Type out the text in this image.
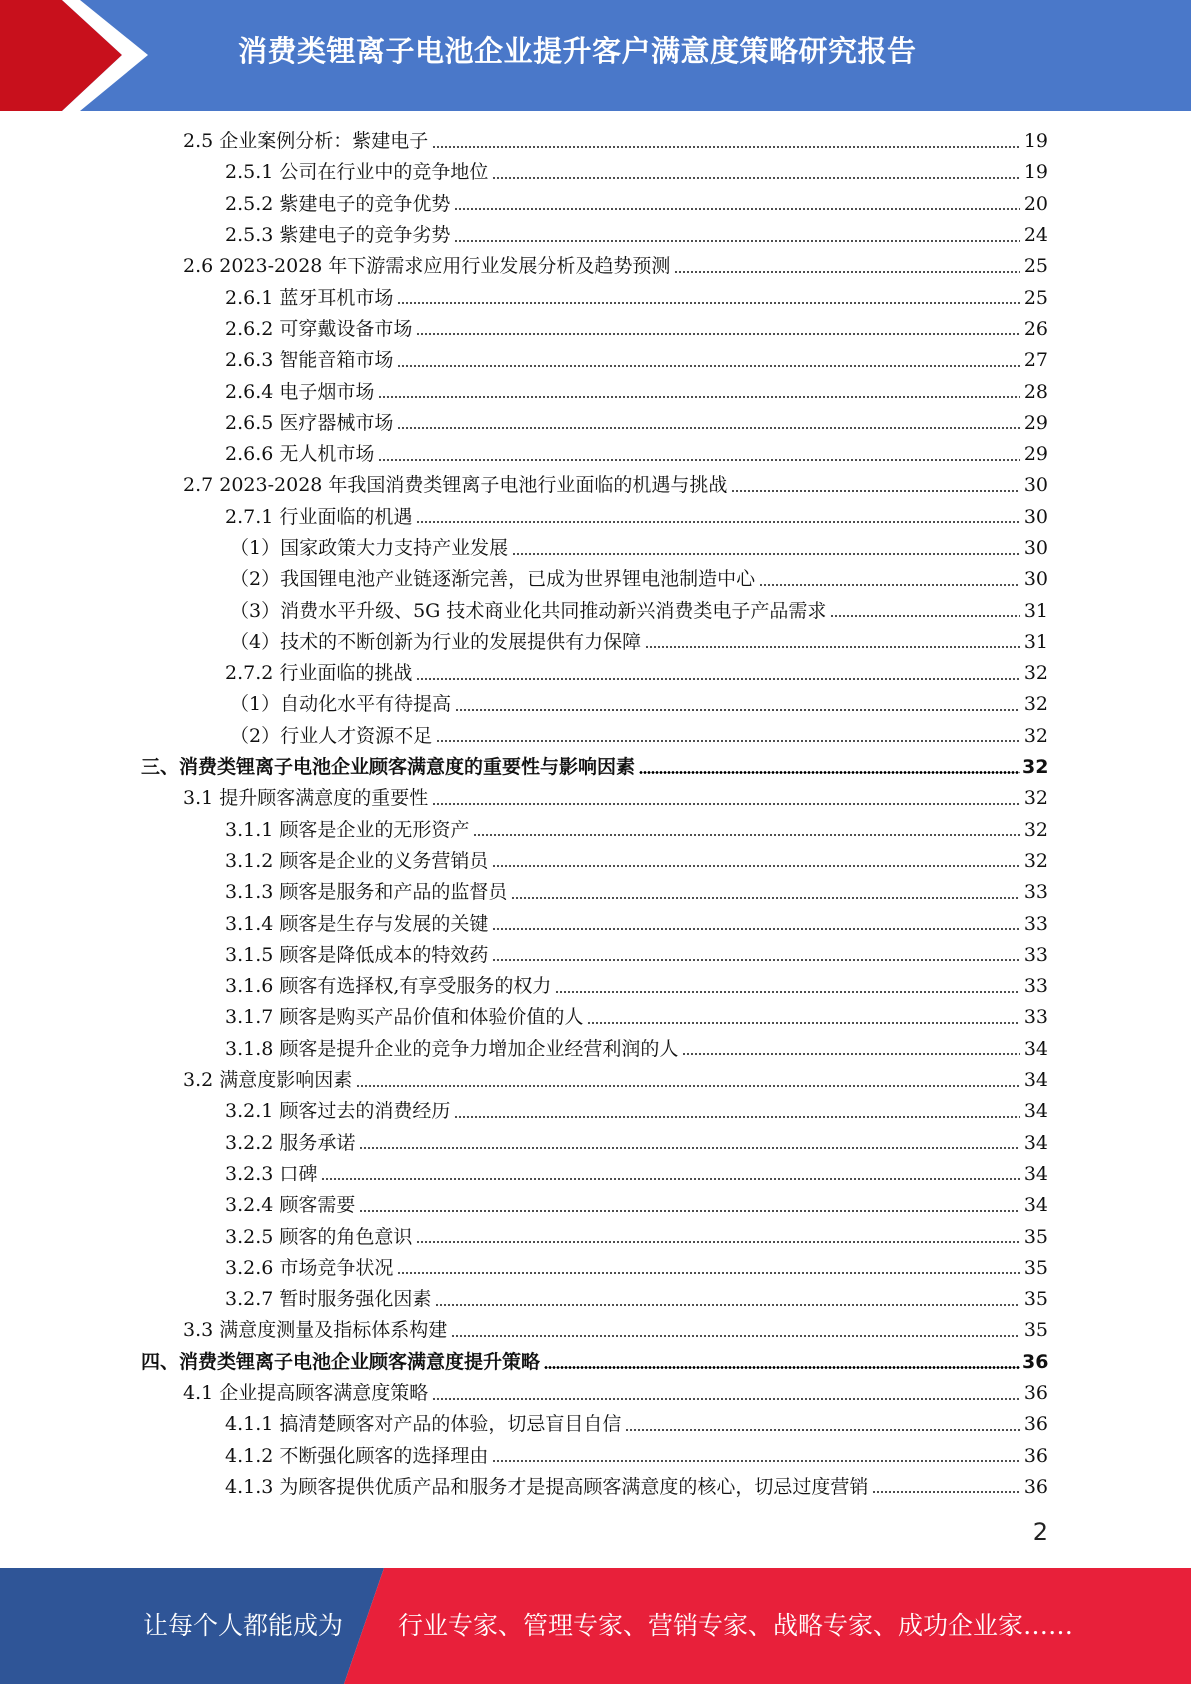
消费类锂离子电池企业提升客户满意度策略研究报告
2.5 企业案例分析：紫建电子	19
2.5.1 公司在行业中的竞争地位	19
2.5.2 紫建电子的竞争优势	20
2.5.3 紫建电子的竞争劣势	24
2.6 2023-2028 年下游需求应用行业发展分析及趋势预测	25
2.6.1 蓝牙耳机市场	25
2.6.2 可穿戴设备市场	26
2.6.3 智能音箱市场	27
2.6.4 电子烟市场	28
2.6.5 医疗器械市场	29
2.6.6 无人机市场	29
2.7 2023-2028 年我国消费类锂离子电池行业面临的机遇与挑战	30
2.7.1 行业面临的机遇	30
（1）国家政策大力支持产业发展	30
（2）我国锂电池产业链逐渐完善，已成为世界锂电池制造中心	30
（3）消费水平升级、5G 技术商业化共同推动新兴消费类电子产品需求	31
（4）技术的不断创新为行业的发展提供有力保障	31
2.7.2 行业面临的挑战	32
（1）自动化水平有待提高	32
（2）行业人才资源不足	32
三、消费类锂离子电池企业顾客满意度的重要性与影响因素	32
3.1 提升顾客满意度的重要性	32
3.1.1 顾客是企业的无形资产	32
3.1.2 顾客是企业的义务营销员	32
3.1.3 顾客是服务和产品的监督员	33
3.1.4 顾客是生存与发展的关键	33
3.1.5 顾客是降低成本的特效药	33
3.1.6 顾客有选择权,有享受服务的权力	33
3.1.7 顾客是购买产品价值和体验价值的人	33
3.1.8 顾客是提升企业的竞争力增加企业经营利润的人	34
3.2 满意度影响因素	34
3.2.1 顾客过去的消费经历	34
3.2.2 服务承诺	34
3.2.3 口碑	34
3.2.4 顾客需要	34
3.2.5 顾客的角色意识	35
3.2.6 市场竞争状况	35
3.2.7 暂时服务强化因素	35
3.3 满意度测量及指标体系构建	35
四、消费类锂离子电池企业顾客满意度提升策略	36
4.1 企业提高顾客满意度策略	36
4.1.1 搞清楚顾客对产品的体验，切忌盲目自信	36
4.1.2 不断强化顾客的选择理由	36
4.1.3 为顾客提供优质产品和服务才是提高顾客满意度的核心，切忌过度营销	36
2
让每个人都能成为 行业专家、管理专家、营销专家、战略专家、成功企业家……
